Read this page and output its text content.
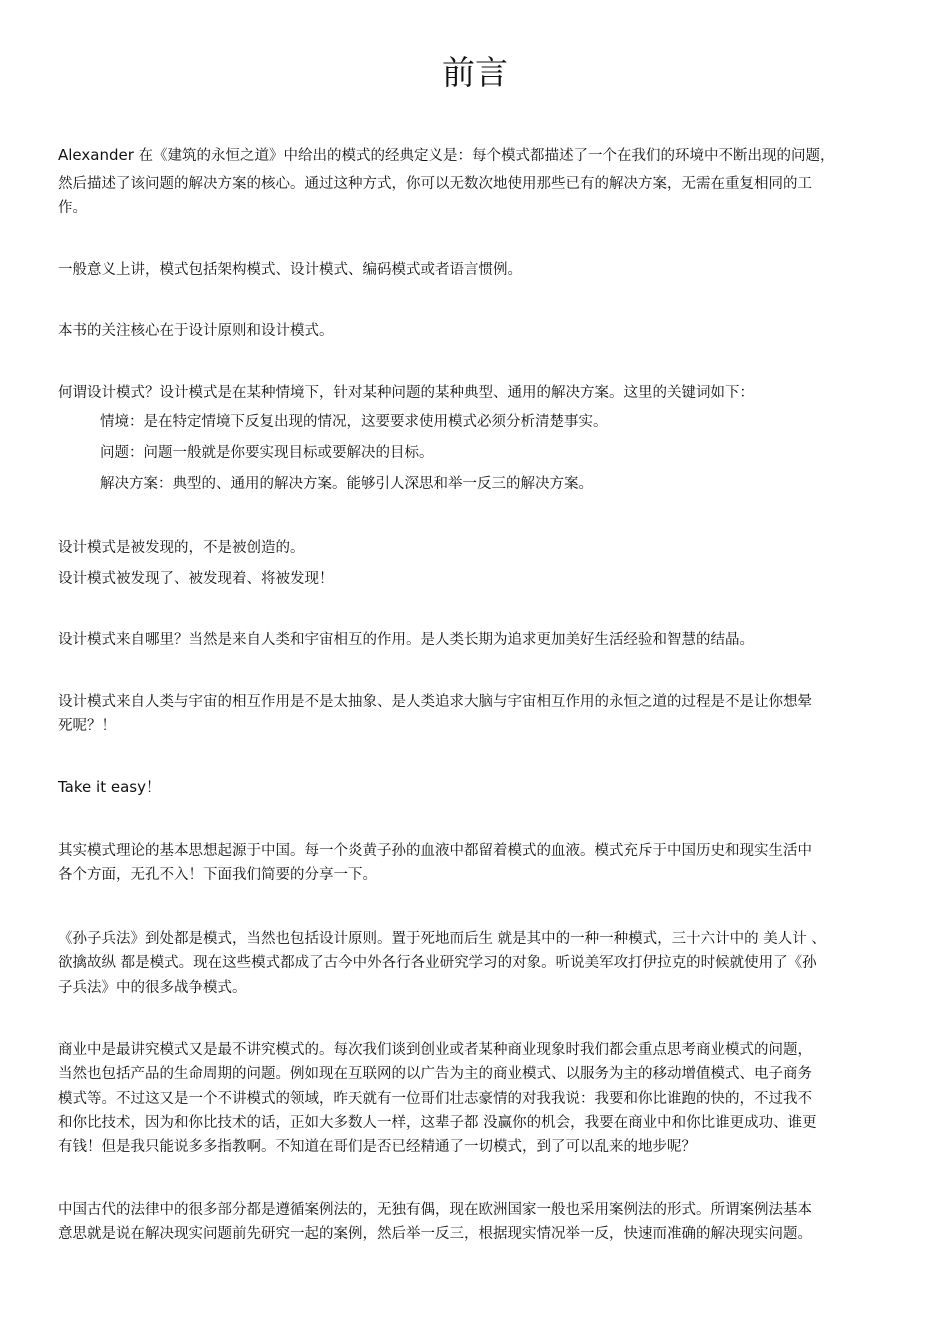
前言

Alexander 在《建筑的永恒之道》中给出的模式的经典定义是：每个模式都描述了一个在我们的环境中不断出现的问题，

然后描述了该问题的解决方案的核心。通过这种方式，你可以无数次地使用那些已有的解决方案，无需在重复相同的工

作。

一般意义上讲，模式包括架构模式、设计模式、编码模式或者语言惯例。

本书的关注核心在于设计原则和设计模式。

何谓设计模式？设计模式是在某种情境下，针对某种问题的某种典型、通用的解决方案。这里的关键词如下：

情境：是在特定情境下反复出现的情况，这要要求使用模式必须分析清楚事实。

问题：问题一般就是你要实现目标或要解决的目标。

解决方案：典型的、通用的解决方案。能够引人深思和举一反三的解决方案。

设计模式是被发现的，不是被创造的。

设计模式被发现了、被发现着、将被发现！

设计模式来自哪里？当然是来自人类和宇宙相互的作用。是人类长期为追求更加美好生活经验和智慧的结晶。

设计模式来自人类与宇宙的相互作用是不是太抽象、是人类追求大脑与宇宙相互作用的永恒之道的过程是不是让你想晕

死呢？！

Take it easy！

其实模式理论的基本思想起源于中国。每一个炎黄子孙的血液中都留着模式的血液。模式充斥于中国历史和现实生活中

各个方面，无孔不入！下面我们简要的分享一下。

《孙子兵法》到处都是模式，当然也包括设计原则。置于死地而后生 就是其中的一种一种模式，三十六计中的 美人计 、

欲擒故纵 都是模式。现在这些模式都成了古今中外各行各业研究学习的对象。听说美军攻打伊拉克的时候就使用了《孙

子兵法》中的很多战争模式。

商业中是最讲究模式又是最不讲究模式的。每次我们谈到创业或者某种商业现象时我们都会重点思考商业模式的问题，

当然也包括产品的生命周期的问题。例如现在互联网的以广告为主的商业模式、以服务为主的移动增值模式、电子商务

模式等。不过这又是一个不讲模式的领域，昨天就有一位哥们壮志豪情的对我我说：我要和你比谁跑的快的，不过我不

和你比技术，因为和你比技术的话，正如大多数人一样，这辈子都 没赢你的机会，我要在商业中和你比谁更成功、谁更

有钱！但是我只能说多多指教啊。不知道在哥们是否已经精通了一切模式，到了可以乱来的地步呢？

中国古代的法律中的很多部分都是遵循案例法的，无独有偶，现在欧洲国家一般也采用案例法的形式。所谓案例法基本

意思就是说在解决现实问题前先研究一起的案例，然后举一反三，根据现实情况举一反，快速而准确的解决现实问题。
